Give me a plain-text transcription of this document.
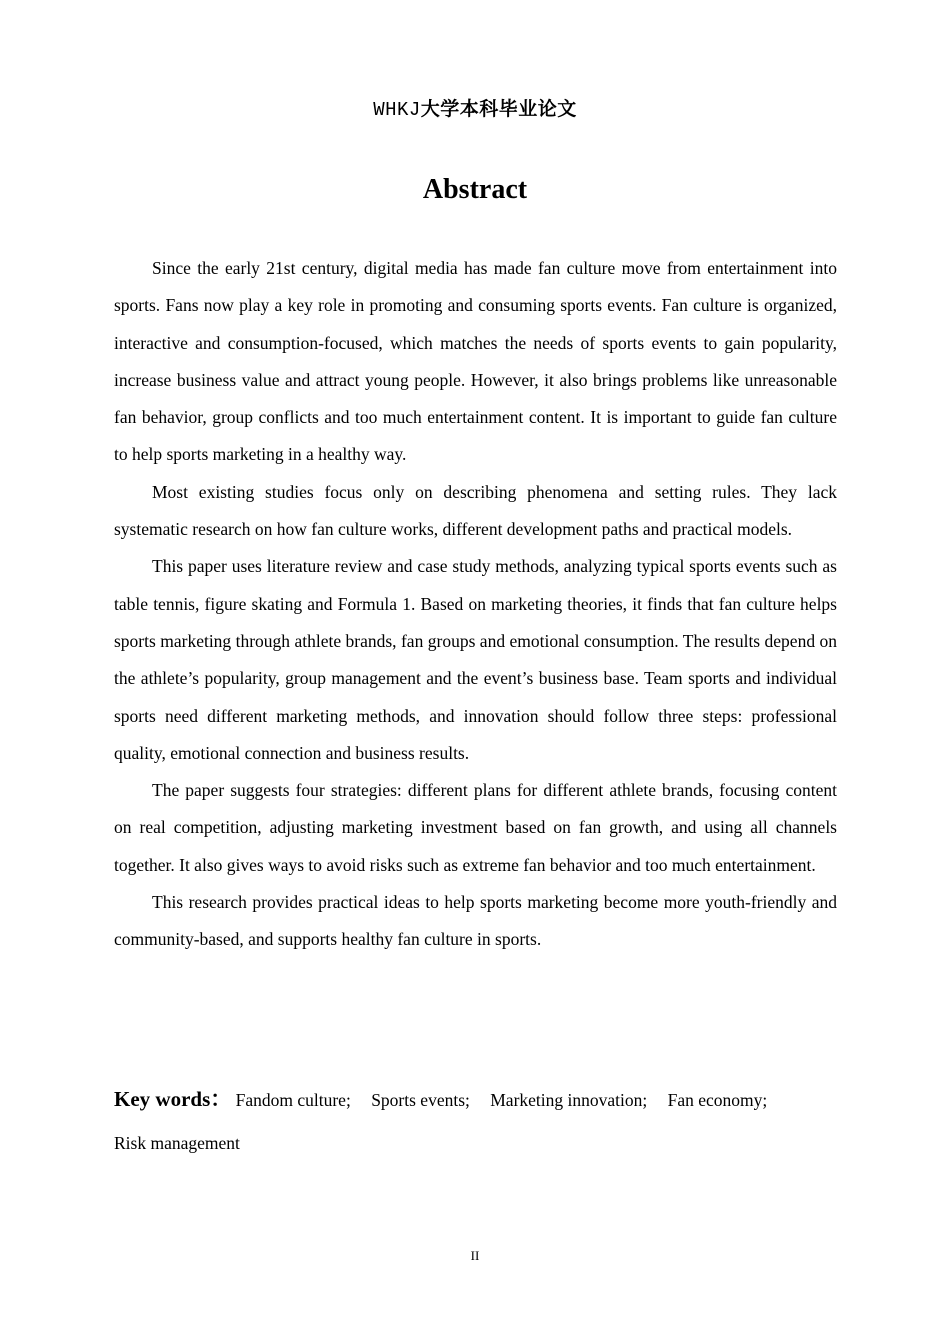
WHKJ大学本科毕业论文
Abstract

Since the early 21st century, digital media has made fan culture move from entertainment into sports. Fans now play a key role in promoting and consuming sports events. Fan culture is organized, interactive and consumption-focused, which matches the needs of sports events to gain popularity, increase business value and attract young people. However, it also brings problems like unreasonable fan behavior, group conflicts and too much entertainment content. It is important to guide fan culture to help sports marketing in a healthy way.

Most existing studies focus only on describing phenomena and setting rules. They lack systematic research on how fan culture works, different development paths and practical models.

This paper uses literature review and case study methods, analyzing typical sports events such as table tennis, figure skating and Formula 1. Based on marketing theories, it finds that fan culture helps sports marketing through athlete brands, fan groups and emotional consumption. The results depend on the athlete’s popularity, group management and the event’s business base. Team sports and individual sports need different marketing methods, and innovation should follow three steps: professional quality, emotional connection and business results.

The paper suggests four strategies: different plans for different athlete brands, focusing content on real competition, adjusting marketing investment based on fan growth, and using all channels together. It also gives ways to avoid risks such as extreme fan behavior and too much entertainment.

This research provides practical ideas to help sports marketing become more youth-friendly and community-based, and supports healthy fan culture in sports.

Key words： Fandom culture; Sports events; Marketing innovation; Fan economy;
Risk management
II
